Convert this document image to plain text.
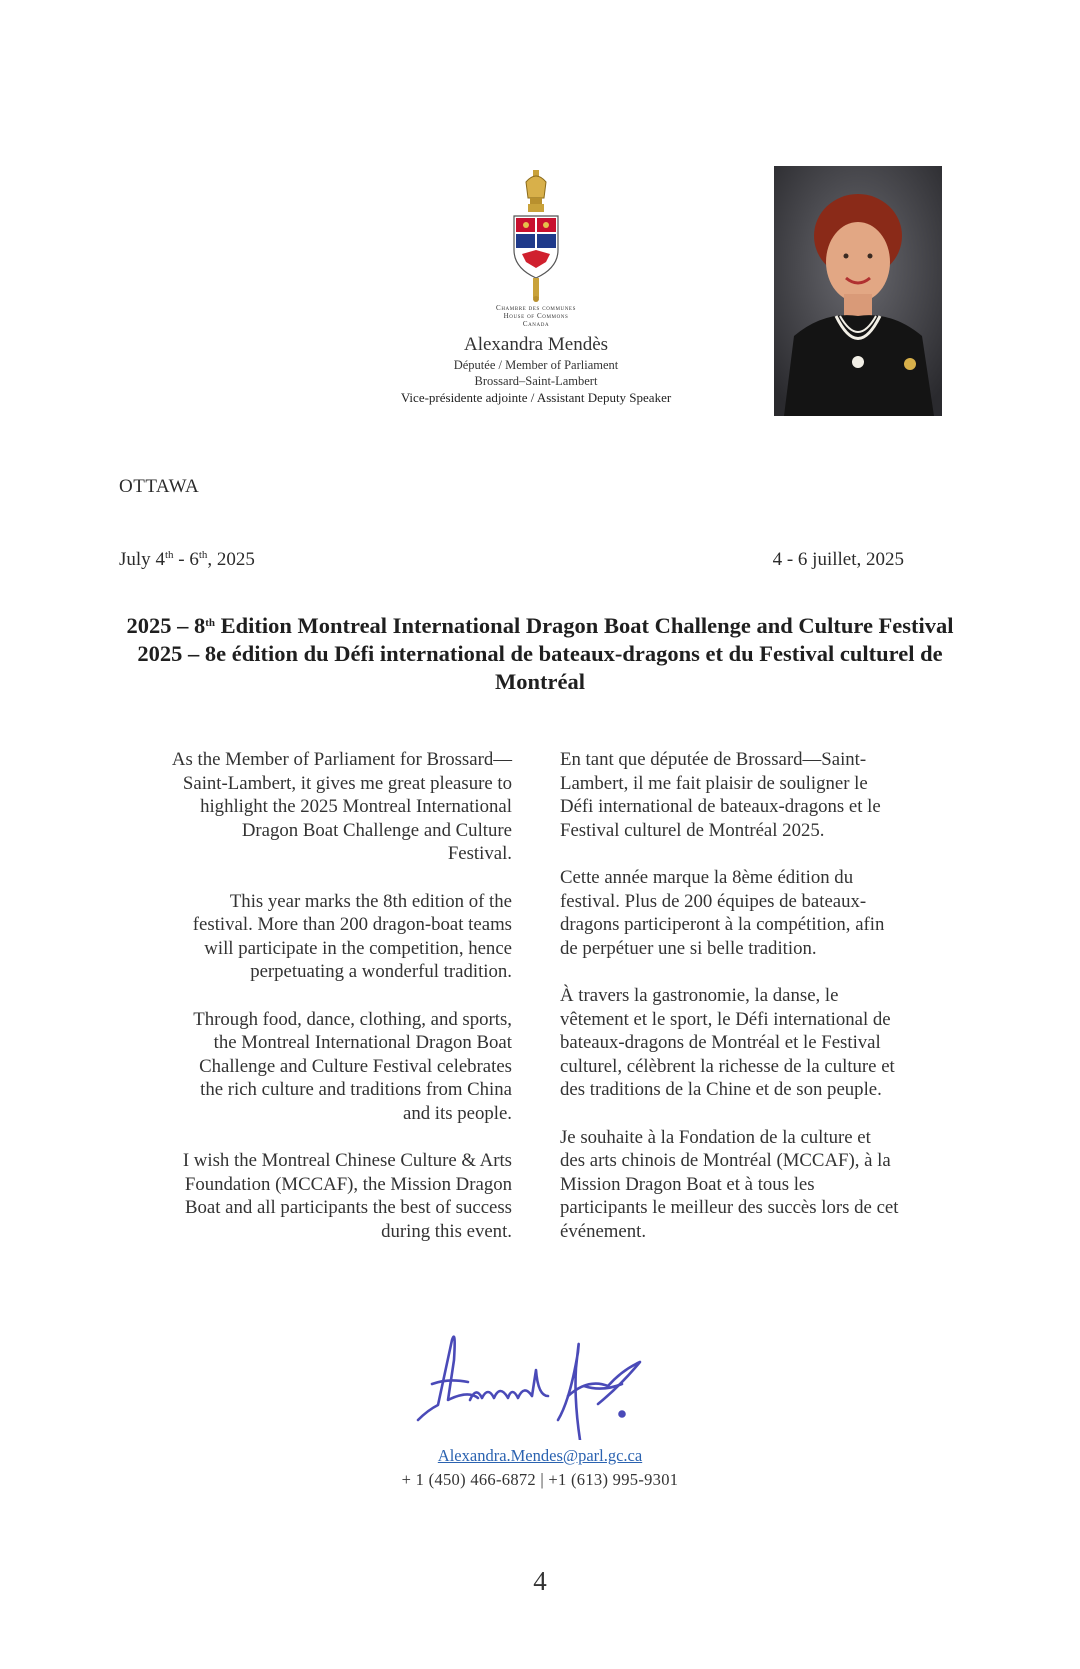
Chambre des communes
House of Commons
Canada
Alexandra Mendès
Députée / Member of Parliament
Brossard–Saint-Lambert
Vice-présidente adjointe / Assistant Deputy Speaker
OTTAWA
July 4th - 6th, 2025	4 - 6 juillet, 2025
2025 – 8th Edition Montreal International Dragon Boat Challenge and Culture Festival
2025 – 8e édition du Défi international de bateaux-dragons et du Festival culturel de Montréal

As the Member of Parliament for Brossard—

Saint-Lambert, it gives me great pleasure to

highlight the 2025 Montreal International

Dragon Boat Challenge and Culture

Festival.

This year marks the 8th edition of the

festival. More than 200 dragon-boat teams

will participate in the competition, hence

perpetuating a wonderful tradition.

Through food, dance, clothing, and sports,

the Montreal International Dragon Boat

Challenge and Culture Festival celebrates

the rich culture and traditions from China

and its people.

I wish the Montreal Chinese Culture & Arts

Foundation (MCCAF), the Mission Dragon

Boat and all participants the best of success

during this event.

En tant que députée de Brossard—Saint-

Lambert, il me fait plaisir de souligner le

Défi international de bateaux-dragons et le

Festival culturel de Montréal 2025.

Cette année marque la 8ème édition du

festival. Plus de 200 équipes de bateaux-

dragons participeront à la compétition, afin

de perpétuer une si belle tradition.

À travers la gastronomie, la danse, le

vêtement et le sport, le Défi international de

bateaux-dragons de Montréal et le Festival

culturel, célèbrent la richesse de la culture et

des traditions de la Chine et de son peuple.

Je souhaite à la Fondation de la culture et

des arts chinois de Montréal (MCCAF), à la

Mission Dragon Boat et à tous les

participants le meilleur des succès lors de cet

événement.

Alexandra.Mendes@parl.gc.ca
+ 1 (450) 466-6872 | +1 (613) 995-9301
4
